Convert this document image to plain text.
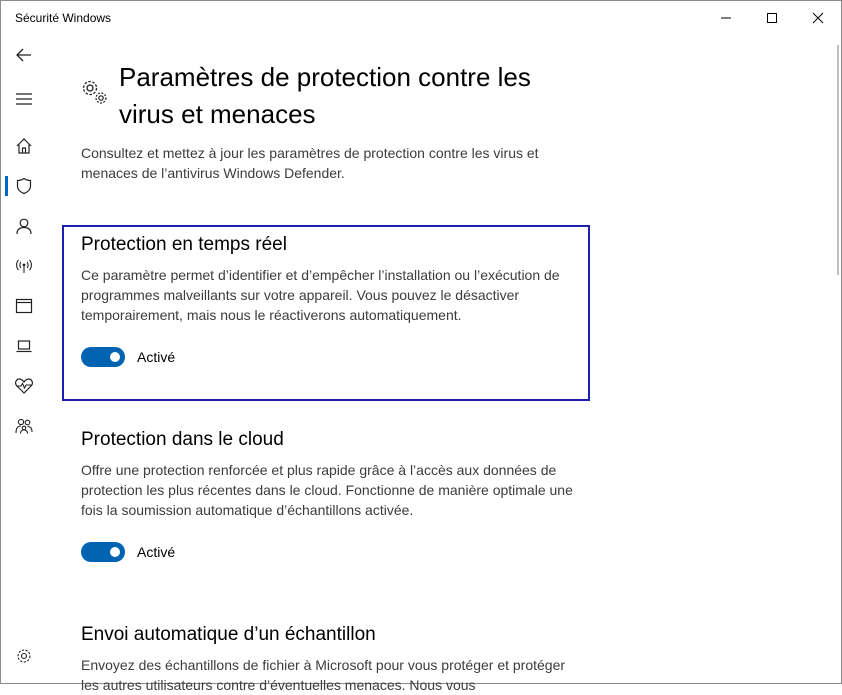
Sécurité Windows
Paramètres de protection contre les virus et menaces
Consultez et mettez à jour les paramètres de protection contre les virus et menaces de l’antivirus Windows Defender.
Protection en temps réel

Ce paramètre permet d’identifier et d’empêcher l’installation ou l’exécution de programmes malveillants sur votre appareil. Vous pouvez le désactiver temporairement, mais nous le réactiverons automatiquement.

Activé
Protection dans le cloud

Offre une protection renforcée et plus rapide grâce à l’accès aux données de protection les plus récentes dans le cloud. Fonctionne de manière optimale une fois la soumission automatique d’échantillons activée.

Activé
Envoi automatique d’un échantillon

Envoyez des échantillons de fichier à Microsoft pour vous protéger et protéger les autres utilisateurs contre d’éventuelles menaces. Nous vous
